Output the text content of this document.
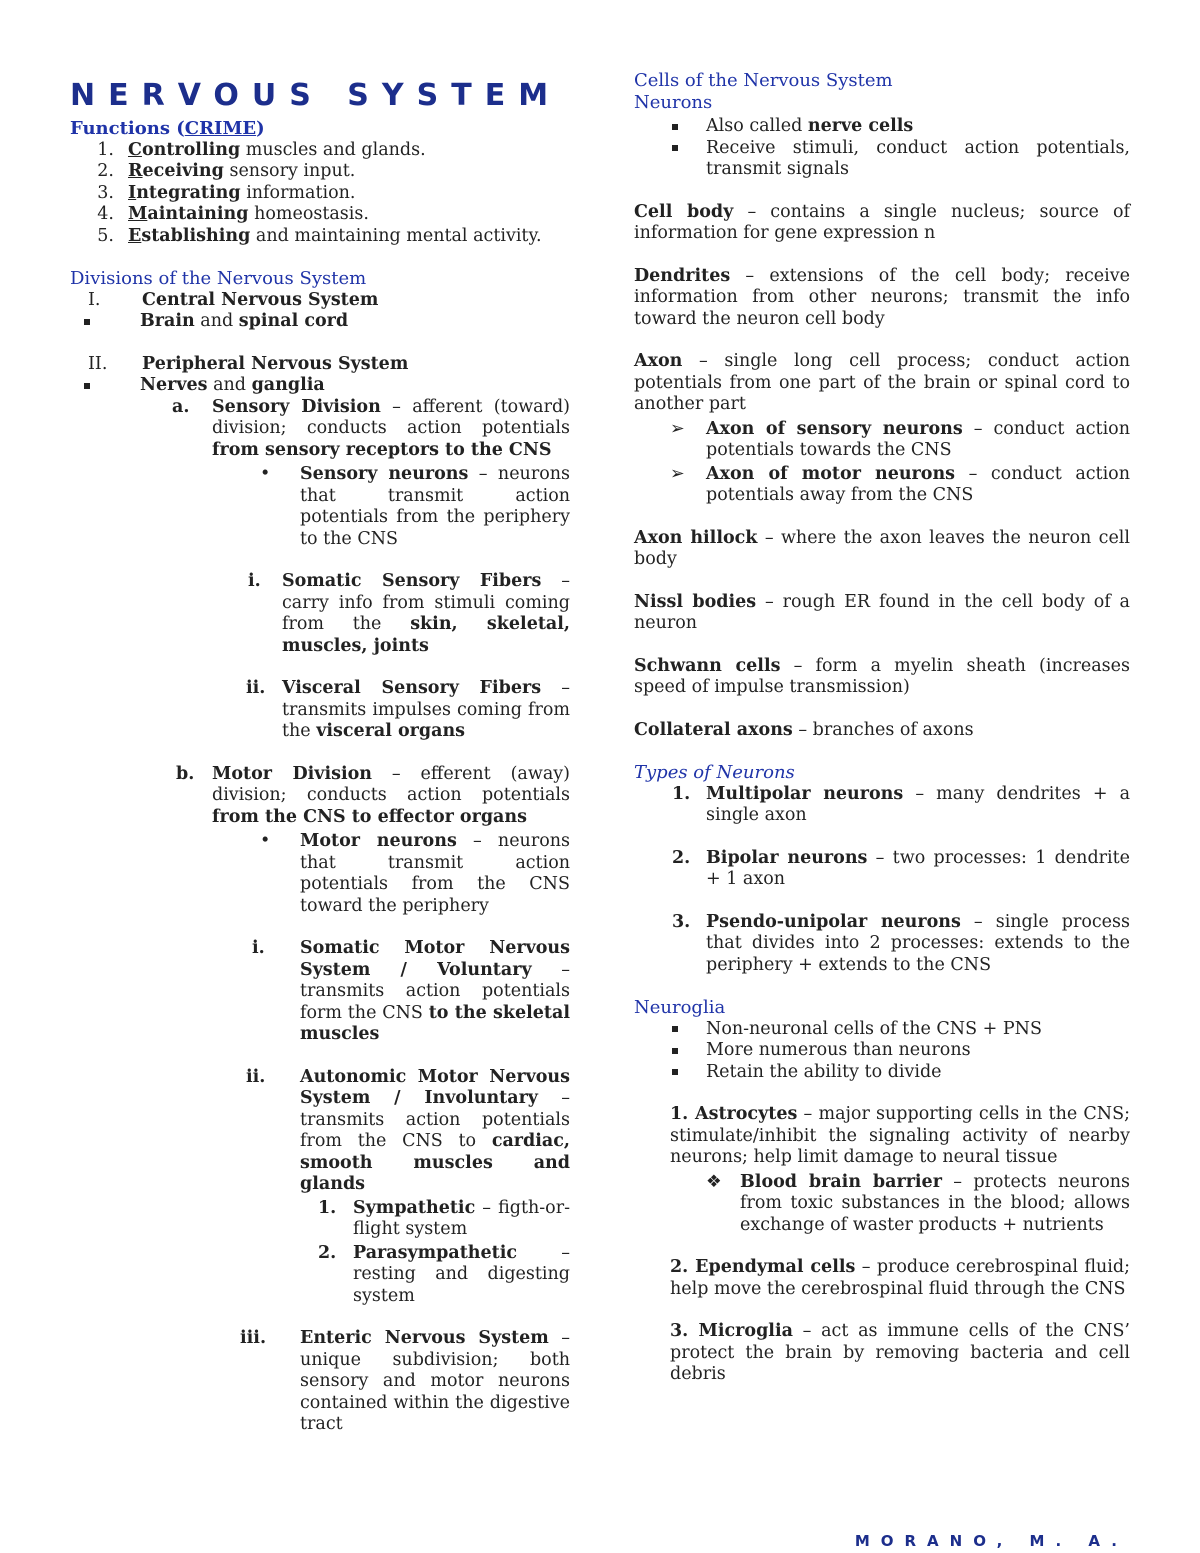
NERVOUS SYSTEM
Functions (CRIME)
1. Controlling muscles and glands.
2. Receiving sensory input.
3. Integrating information.
4. Maintaining homeostasis.
5. Establishing and maintaining mental activity.
Divisions of the Nervous System
I.	Central Nervous System
Brain and spinal cord
II.	Peripheral Nervous System
Nerves and ganglia
a.	Sensory Division – afferent (toward) division; conducts action potentials from sensory receptors to the CNS
•	Sensory neurons – neurons that transmit action potentials from the periphery to the CNS
i.	Somatic Sensory Fibers – carry info from stimuli coming from the skin, skeletal, muscles, joints
ii. Visceral Sensory Fibers – transmits impulses coming from the visceral organs
b.	Motor Division – efferent (away) division; conducts action potentials from the CNS to effector organs
•	Motor neurons – neurons that transmit action potentials from the CNS toward the periphery
i.	Somatic Motor Nervous System / Voluntary – transmits action potentials form the CNS to the skeletal muscles
ii.	Autonomic Motor Nervous System / Involuntary – transmits action potentials from the CNS to cardiac, smooth muscles and glands
1. Sympathetic – figth-or-flight system
2. Parasympathetic – resting and digesting system
iii.	Enteric Nervous System – unique subdivision; both sensory and motor neurons contained within the digestive tract
Cells of the Nervous System
Neurons
Also called nerve cells
Receive stimuli, conduct action potentials, transmit signals
Cell body – contains a single nucleus; source of information for gene expression n
Dendrites – extensions of the cell body; receive information from other neurons; transmit the info toward the neuron cell body
Axon – single long cell process; conduct action potentials from one part of the brain or spinal cord to another part
➢	Axon of sensory neurons – conduct action potentials towards the CNS
➢	Axon of motor neurons – conduct action potentials away from the CNS
Axon hillock – where the axon leaves the neuron cell body
Nissl bodies – rough ER found in the cell body of a neuron
Schwann cells – form a myelin sheath (increases speed of impulse transmission)
Collateral axons – branches of axons
Types of Neurons
1. Multipolar neurons – many dendrites + a single axon
2. Bipolar neurons – two processes: 1 dendrite + 1 axon
3. Psendo-unipolar neurons – single process that divides into 2 processes: extends to the periphery + extends to the CNS
Neuroglia
Non-neuronal cells of the CNS + PNS
More numerous than neurons
Retain the ability to divide
1. Astrocytes – major supporting cells in the CNS; stimulate/inhibit the signaling activity of nearby neurons; help limit damage to neural tissue
❖	Blood brain barrier – protects neurons from toxic substances in the blood; allows exchange of waster products + nutrients
2. Ependymal cells – produce cerebrospinal fluid; help move the cerebrospinal fluid through the CNS
3. Microglia – act as immune cells of the CNS’ protect the brain by removing bacteria and cell debris
MORANO, M. A.
